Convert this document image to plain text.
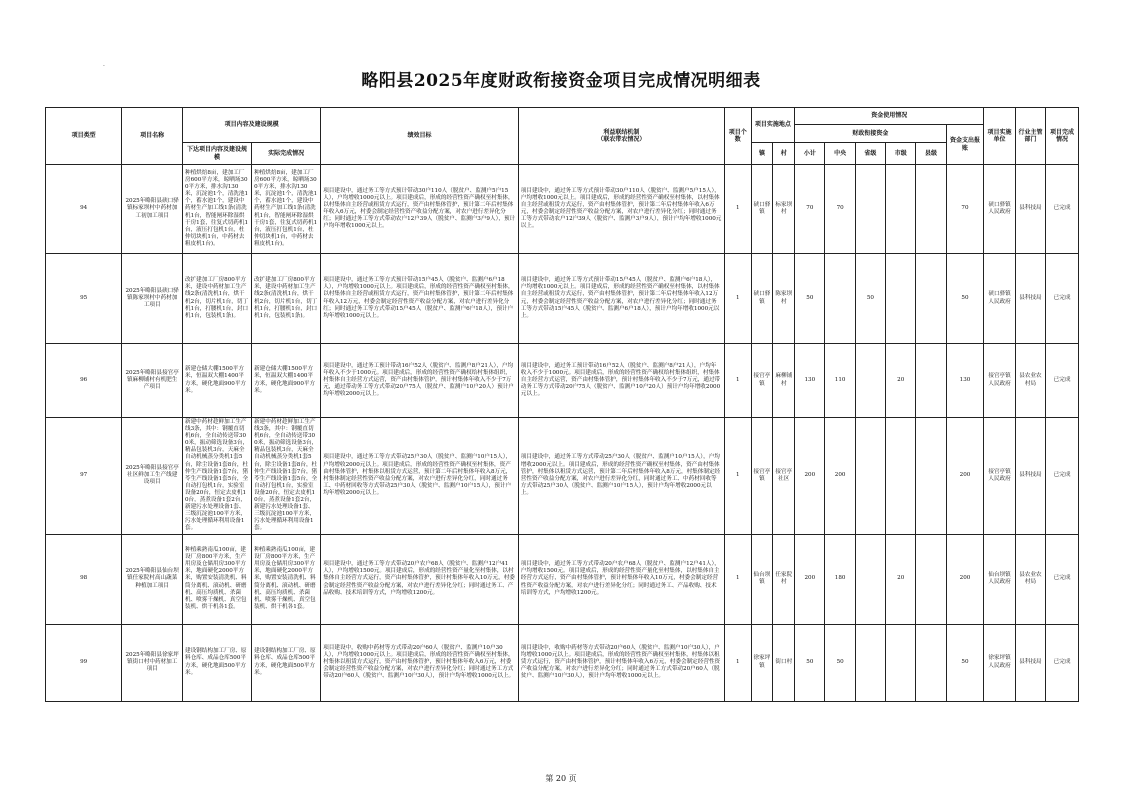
·
略阳县2025年度财政衔接资金项目完成情况明细表
项目类型	项目名称	项目内容及建设规模		绩效目标	利益联结机制
（联农带农情况）	项目个数	项目实施地点		资金使用情况						项目实施单位	行业主管部门	项目完成情况
									财政衔接资金					资金支出报账			
		下达项目内容及建设规模	实际完成情况				镇	村	小计	中央	省级	市级	县级				
94	2025年略阳县硖口驿镇标家坝村中药材加工初加工项目	种植烘焙8亩，建加工厂房600平方米，晾晒场300平方米，排水沟130米，沉淀池1个，清洗池1个，蓄水池1个，建设中药材生产加工线1条(清洗机1台，智能闸环除湿烘干房1套，往复式切药机1台，液压打包机1台，杜仲切块机1台，中药材去粗皮机1台)。	种植烘焙8亩，建加工厂房600平方米，晾晒场300平方米，排水沟130米，沉淀池1个，清洗池1个，蓄水池1个，建设中药材生产加工线1条(清洗机1台，智能闸环除湿烘干房1套，往复式切药机1台，液压打包机1台，杜仲切块机1台，中药材去粗皮机1台)。	项目建设中，通过务工等方式预计带动30户110人（脱贫户、监测户5户15人），户均增收1000元以上。项目建成后，形成的经营性资产确权至村集体，以村集体自主经营或租赁方式运行，资产由村集体管护，预计第二年后村集体年收入6万元，村委会制定经营性资产收益分配方案，对农户进行差异化分红；同时通过务工等方式带动农户12户39人（脱贫户、监测户3户9人），预计户均年增收1000元以上。	项目建设中，通过务工等方式预计带动30户110人（脱贫户、监测户5户15人），户均增收1000元以上。项目建成后，形成的经营性资产确权至村集体，以村集体自主经营或租赁方式运行，资产由村集体管护，预计第二年后村集体年收入6万元，村委会制定经营性资产收益分配方案，对农户进行差异化分红；同时通过务工等方式带动农户12户39人（脱贫户、监测户3户9人），预计户均年增收1000元以上。	1	硖口驿镇	标家坝村	70	70				70	硖口驿镇人民政府	县科技局	已完成
95	2025年略阳县硖口驿镇陈家坝村中药材加工项目	改扩建加工厂房800平方米，建设中药材加工生产线2条(清洗机1台，烘干机2台，切片机1台，切丁机1台，打腰机1台，封口机1台，包装机1条)。	改扩建加工厂房800平方米，建设中药材加工生产线2条(清洗机1台，烘干机2台，切片机1台，切丁机1台，打腰机1台，封口机1台，包装机1条)。	项目建设中，通过务工等方式预计带动15户45人（脱贫户、监测户6户18人），户均增收1000元以上。项目建成后，形成的经营性资产确权至村集体，以村集体自主经营或租赁方式运行，资产由村集体管护，预计第二年后村集体年收入12万元，村委会制定经营性资产收益分配方案，对农户进行差异化分红；同时通过务工等方式带动15户45人（脱贫户、监测户6户18人），预计户均年增收1000元以上。	项目建设中，通过务工等方式预计带动15户45人（脱贫户、监测户6户18人），户均增收1000元以上。项目建成后，形成的经营性资产确权至村集体，以村集体自主经营或租赁方式运行，资产由村集体管护，预计第二年后村集体年收入12万元，村委会制定经营性资产收益分配方案，对农户进行差异化分红；同时通过务工等方式带动15户45人（脱贫户、监测户6户18人），预计户均年增收1000元以上。	1	硖口驿镇	陈家坝村	50		50			50	硖口驿镇人民政府	县科技局	已完成
96	2025年略阳县接官亭镇麻柳铺村有机肥生产项目	新建仓储大棚1500平方米，恒温双大棚1400平方米，硬化地面900平方米。	新建仓储大棚1500平方米，恒温双大棚1400平方米，硬化地面900平方米。	项目建设中，通过务工预计带动16户52人（脱贫户、监测户8户21人），户均年收入不少于1000元。项目建成后，形成的经营性资产确权给村集体组织，村集体自主经营方式运营，资产由村集体管护，预计村集体年收入不少于7万元，通过带动务工等方式带动20户75人（脱贫户、监测户10户20人）预计户均年增收2000元以上。	项目建设中，通过务工预计带动16户52人（脱贫户、监测户8户21人），户均年收入不少于1000元。项目建成后，形成的经营性资产确权给村集体组织，村集体自主经营方式运营，资产由村集体管护，预计村集体年收入不少于7万元，通过带动务工等方式带动20户75人（脱贫户、监测户10户20人）预计户均年增收2000元以上。	1	接官亭镇	麻柳铺村	130	110		20		130	接官亭镇人民政府	县农业农村局	已完成
97	2025年略阳县接官亭社区鲜加工生产线建设项目	新建中药材趁鲜加工生产线3条，其中：钢覆直切机6台，全自动传送带300米，振动筛选设备3台，精品包装机3台，天麻全自动机械蒸分类机1套5台，除尘设备1套8台，杜仲生产线设备1套7台，猪苓生产线设备1套5台，全自动打包机1台，实验室设备20台，恒定去皮机10台，蒸煮设备1套2台，新建污水处理设备1套、三级沉淀池100平方米，污水处理循环利用设备1套。	新建中药材趁鲜加工生产线3条，其中：钢覆直切机6台，全自动传送带300米，振动筛选设备3台，精品包装机3台，天麻全自动机械蒸分类机1套5台，除尘设备1套8台，杜仲生产线设备1套7台，猪苓生产线设备1套5台，全自动打包机1台，实验室设备20台，恒定去皮机10台，蒸煮设备1套2台，新建污水处理设备1套、三级沉淀池100平方米，污水处理循环利用设备1套。	项目建设中，通过务工等方式带动25户30人（脱贫户、监测户10户15人），户均增收2000元以上。项目建成后，形成的经营性资产确权至村集体，资产由村集体管护，村集体以租赁方式运营，预计第二年后村集体年收入8万元，村集体制定经营性资产收益分配方案，对农户进行差异化分红，同时通过务工、中药材回收等方式带动25户30人（脱贫户、监测户10户15人），预计户均年增收2000元以上。	项目建设中，通过务工等方式带动25户30人（脱贫户、监测户10户15人），户均增收2000元以上。项目建成后，形成的经营性资产确权至村集体，资产由村集体管护，村集体以租赁方式运营，预计第二年后村集体年收入8万元，村集体制定经营性资产收益分配方案，对农户进行差异化分红，同时通过务工、中药材回收等方式带动25户30人（脱贫户、监测户10户15人），预计户均年增收2000元以上。	1	接官亭镇	接官亭社区	200	200				200	接官亭镇人民政府	县科技局	已完成
98	2025年略阳县仙台坝镇任家院村高山蔬菜种植加工项目	种植乘熟南瓜100亩，建设厂房800平方米，生产用房及仓储用房300平方米，地面硬化2000平方米，购置安装清洗机、料筒分离机、滚动机、研磨机、高压均质机、杀菌机、喷雾干燥机、真空包装机、烘干机各1套。	种植乘熟南瓜100亩，建设厂房800平方米，生产用房及仓储用房300平方米，地面硬化2000平方米，购置安装清洗机、料筒分离机、滚动机、研磨机、高压均质机、杀菌机、喷雾干燥机、真空包装机、烘干机各1套。	项目建设中，通过务工等方式带动20户农户68人（脱贫户、监测户12户41人），户均增收1500元。项目建成后，形成的经营性资产量化至村集体，以村集体自主经营方式运行，资产由村集体管护，预计村集体年收入10万元，村委会制定经营性资产收益分配方案，对农户进行差异化分红；同时通过务工、产品收购、技术培训等方式，户均增收1200元。	项目建设中，通过务工等方式带动20户农户68人（脱贫户、监测户12户41人），户均增收1500元。项目建成后，形成的经营性资产量化至村集体，以村集体自主经营方式运行，资产由村集体管护，预计村集体年收入10万元，村委会制定经营性资产收益分配方案，对农户进行差异化分红；同时通过务工、产品收购、技术培训等方式，户均增收1200元。	1	仙台坝镇	任家院村	200	180		20		200	仙台坝镇人民政府	县农业农村局	已完成
99	2025年略阳县徐家坪镇街口村中药材加工项目	建设钢结构加工厂房、原料仓库、成品仓库500平方米，硬化地面500平方米。	建设钢结构加工厂房、原料仓库、成品仓库500平方米，硬化地面500平方米。	项目建设中，收购中药材等方式带动20户60人（脱贫户、监测户10户30人），户均增收1000元以上。项目建成后，形成的经营性资产确权至村集体，村集体以租赁方式运行，资产由村集体管护，预计村集体年收入6万元，村委会制定经营性资产收益分配方案，对农户进行差异化分红；同时通过务工方式带动20户60人（脱贫户、监测户10户30人），预计户均年增收1000元以上。	项目建设中，收购中药材等方式带动20户60人（脱贫户、监测户10户30人），户均增收1000元以上。项目建成后，形成的经营性资产确权至村集体，村集体以租赁方式运行，资产由村集体管护，预计村集体年收入6万元，村委会制定经营性资产收益分配方案，对农户进行差异化分红；同时通过务工方式带动20户60人（脱贫户、监测户10户30人），预计户均年增收1000元以上。	1	徐家坪镇	街口村	50	50				50	徐家坪镇人民政府	县科技局	已完成
第 20 页
